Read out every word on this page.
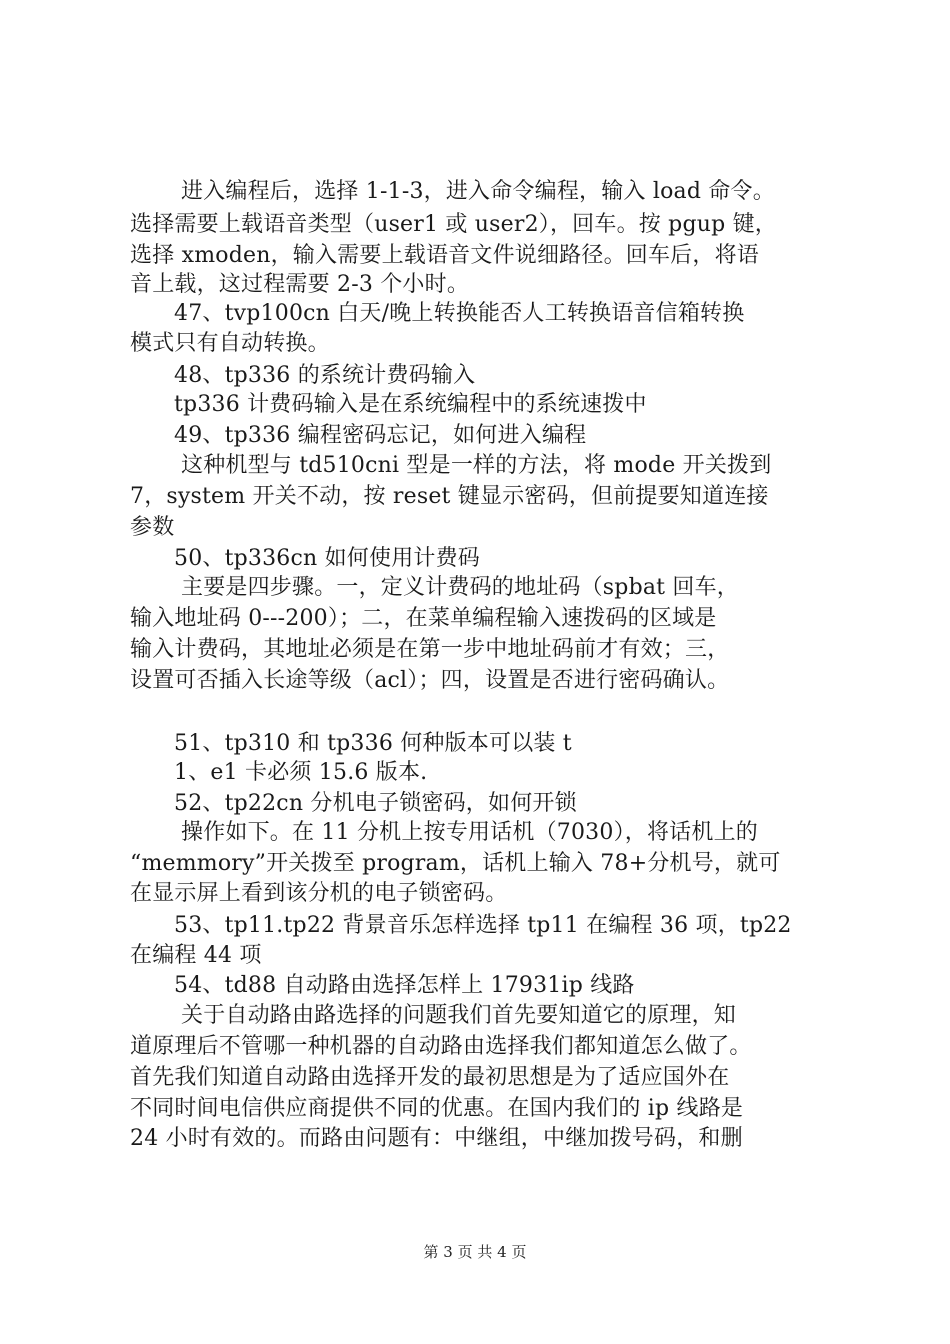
进入编程后，选择 1-1-3，进入命令编程，输入 load 命令。
选择需要上载语音类型（user1 或 user2），回车。按 pgup 键，
选择 xmoden，输入需要上载语音文件说细路径。回车后，将语
音上载，这过程需要 2-3 个小时。
47、tvp100cn 白天/晚上转换能否人工转换语音信箱转换
模式只有自动转换。
48、tp336 的系统计费码输入
tp336 计费码输入是在系统编程中的系统速拨中
49、tp336 编程密码忘记，如何进入编程
这种机型与 td510cni 型是一样的方法，将 mode 开关拨到
7，system 开关不动，按 reset 键显示密码，但前提要知道连接
参数
50、tp336cn 如何使用计费码
主要是四步骤。一，定义计费码的地址码（spbat 回车，
输入地址码 0---200）；二，在菜单编程输入速拨码的区域是
输入计费码，其地址必须是在第一步中地址码前才有效；三，
设置可否插入长途等级（acl）；四，设置是否进行密码确认。
51、tp310 和 tp336 何种版本可以装 t
1、e1 卡必须 15.6 版本.
52、tp22cn 分机电子锁密码，如何开锁
操作如下。在 11 分机上按专用话机（7030），将话机上的
“memmory”开关拨至 program，话机上输入 78+分机号，就可
在显示屏上看到该分机的电子锁密码。
53、tp11.tp22 背景音乐怎样选择 tp11 在编程 36 项，tp22
在编程 44 项
54、td88 自动路由选择怎样上 17931ip 线路
关于自动路由路选择的问题我们首先要知道它的原理，知
道原理后不管哪一种机器的自动路由选择我们都知道怎么做了。
首先我们知道自动路由选择开发的最初思想是为了适应国外在
不同时间电信供应商提供不同的优惠。在国内我们的 ip 线路是
24 小时有效的。而路由问题有：中继组，中继加拨号码，和删
第 3 页 共 4 页
